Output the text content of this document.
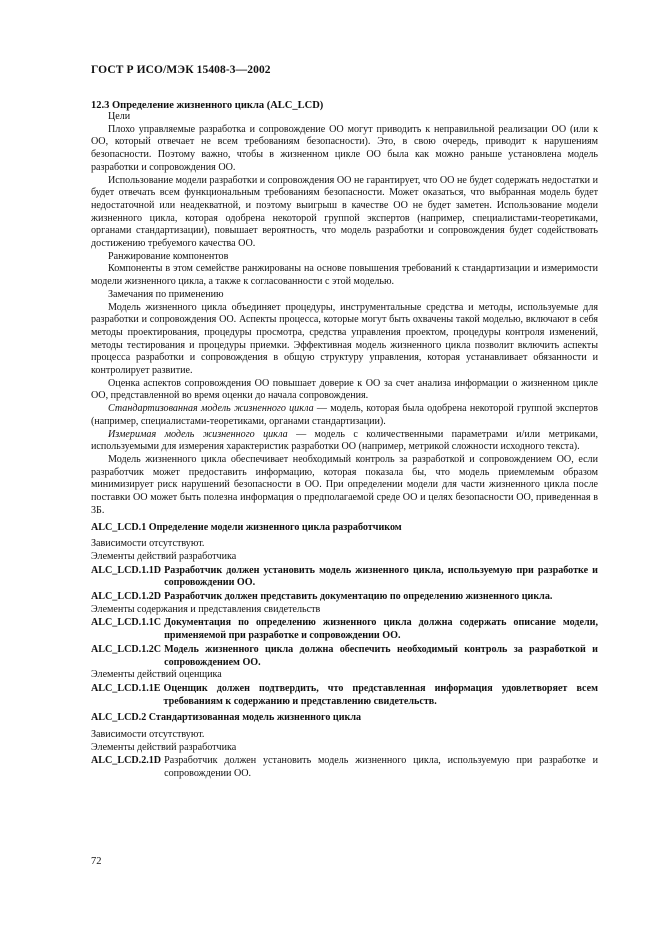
ГОСТ Р ИСО/МЭК 15408-3—2002
12.3 Определение жизненного цикла (ALC_LCD)

Цели

Плохо управляемые разработка и сопровождение ОО могут приводить к неправильной реализации ОО (или к ОО, который отвечает не всем требованиям безопасности). Это, в свою очередь, приводит к нарушениям безопасности. Поэтому важно, чтобы в жизненном цикле ОО была как можно раньше установлена модель разработки и сопровождения ОО.

Использование модели разработки и сопровождения ОО не гарантирует, что ОО не будет содержать недостатки и будет отвечать всем функциональным требованиям безопасности. Может оказаться, что выбранная модель будет недостаточной или неадекватной, и поэтому выигрыш в качестве ОО не будет заметен. Использование модели жизненного цикла, которая одобрена некоторой группой экспертов (например, специалистами-теоретиками, органами стандартизации), повышает вероятность, что модель разработки и сопровождения будет содействовать достижению требуемого качества ОО.

Ранжирование компонентов

Компоненты в этом семействе ранжированы на основе повышения требований к стандартизации и измеримости модели жизненного цикла, а также к согласованности с этой моделью.

Замечания по применению

Модель жизненного цикла объединяет процедуры, инструментальные средства и методы, используемые для разработки и сопровождения ОО. Аспекты процесса, которые могут быть охвачены такой моделью, включают в себя методы проектирования, процедуры просмотра, средства управления проектом, процедуры контроля изменений, методы тестирования и процедуры приемки. Эффективная модель жизненного цикла позволит включить аспекты процесса разработки и сопровождения в общую структуру управления, которая устанавливает обязанности и контролирует развитие.

Оценка аспектов сопровождения ОО повышает доверие к ОО за счет анализа информации о жизненном цикле ОО, представленной во время оценки до начала сопровождения.

Стандартизованная модель жизненного цикла — модель, которая была одобрена некоторой группой экспертов (например, специалистами-теоретиками, органами стандартизации).

Измеримая модель жизненного цикла — модель с количественными параметрами и/или метриками, используемыми для измерения характеристик разработки ОО (например, метрикой сложности исходного текста).

Модель жизненного цикла обеспечивает необходимый контроль за разработкой и сопровождением ОО, если разработчик может предоставить информацию, которая показала бы, что модель приемлемым образом минимизирует риск нарушений безопасности в ОО. При определении модели для части жизненного цикла после поставки ОО может быть полезна информация о предполагаемой среде ОО и целях безопасности ОО, приведенная в 3Б.

ALC_LCD.1 Определение модели жизненного цикла разработчиком
Зависимости отсутствуют.
Элементы действий разработчика
ALC_LCD.1.1D Разработчик должен установить модель жизненного цикла, используемую при разработке и сопровождении ОО.
ALC_LCD.1.2D Разработчик должен представить документацию по определению жизненного цикла.
Элементы содержания и представления свидетельств
ALC_LCD.1.1C Документация по определению жизненного цикла должна содержать описание модели, применяемой при разработке и сопровождении ОО.
ALC_LCD.1.2C Модель жизненного цикла должна обеспечить необходимый контроль за разработкой и сопровождением ОО.
Элементы действий оценщика
ALC_LCD.1.1E Оценщик должен подтвердить, что представленная информация удовлетворяет всем требованиям к содержанию и представлению свидетельств.
ALC_LCD.2 Стандартизованная модель жизненного цикла
Зависимости отсутствуют.
Элементы действий разработчика
ALC_LCD.2.1D Разработчик должен установить модель жизненного цикла, используемую при разработке и сопровождении ОО.
72
